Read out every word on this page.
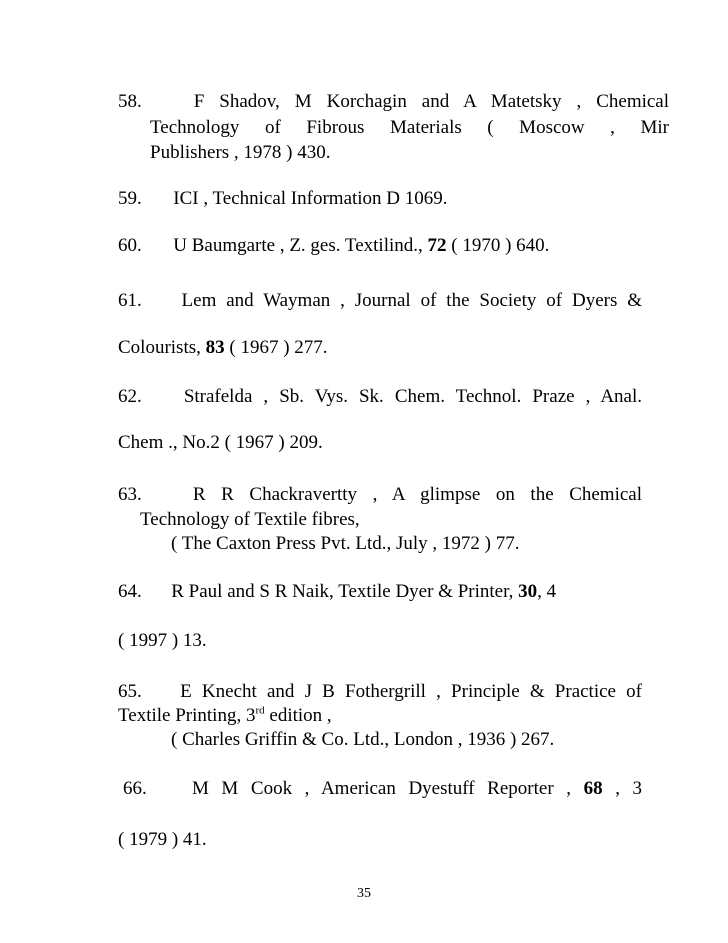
58.	F Shadov, M Korchagin and A Matetsky , Chemical
Technology of Fibrous Materials ( Moscow , Mir
Publishers , 1978 ) 430.
59. ICI , Technical Information D 1069.
60. U Baumgarte , Z. ges. Textilind., 72 ( 1970 ) 640.
61. Lem and Wayman , Journal of the Society of Dyers &
Colourists, 83 ( 1967 ) 277.
62. Strafelda , Sb. Vys. Sk. Chem. Technol. Praze , Anal.
Chem ., No.2 ( 1967 ) 209.
63.	R R Chackravertty , A glimpse on the Chemical
Technology of Textile fibres,
( The Caxton Press Pvt. Ltd., July , 1972 ) 77.
64. R Paul and S R Naik, Textile Dyer & Printer, 30, 4
( 1997 ) 13.
65. E Knecht and J B Fothergrill , Principle & Practice of
Textile Printing, 3rd edition ,
( Charles Griffin & Co. Ltd., London , 1936 ) 267.
66. M M Cook , American Dyestuff Reporter , 68 , 3
( 1979 ) 41.
35
